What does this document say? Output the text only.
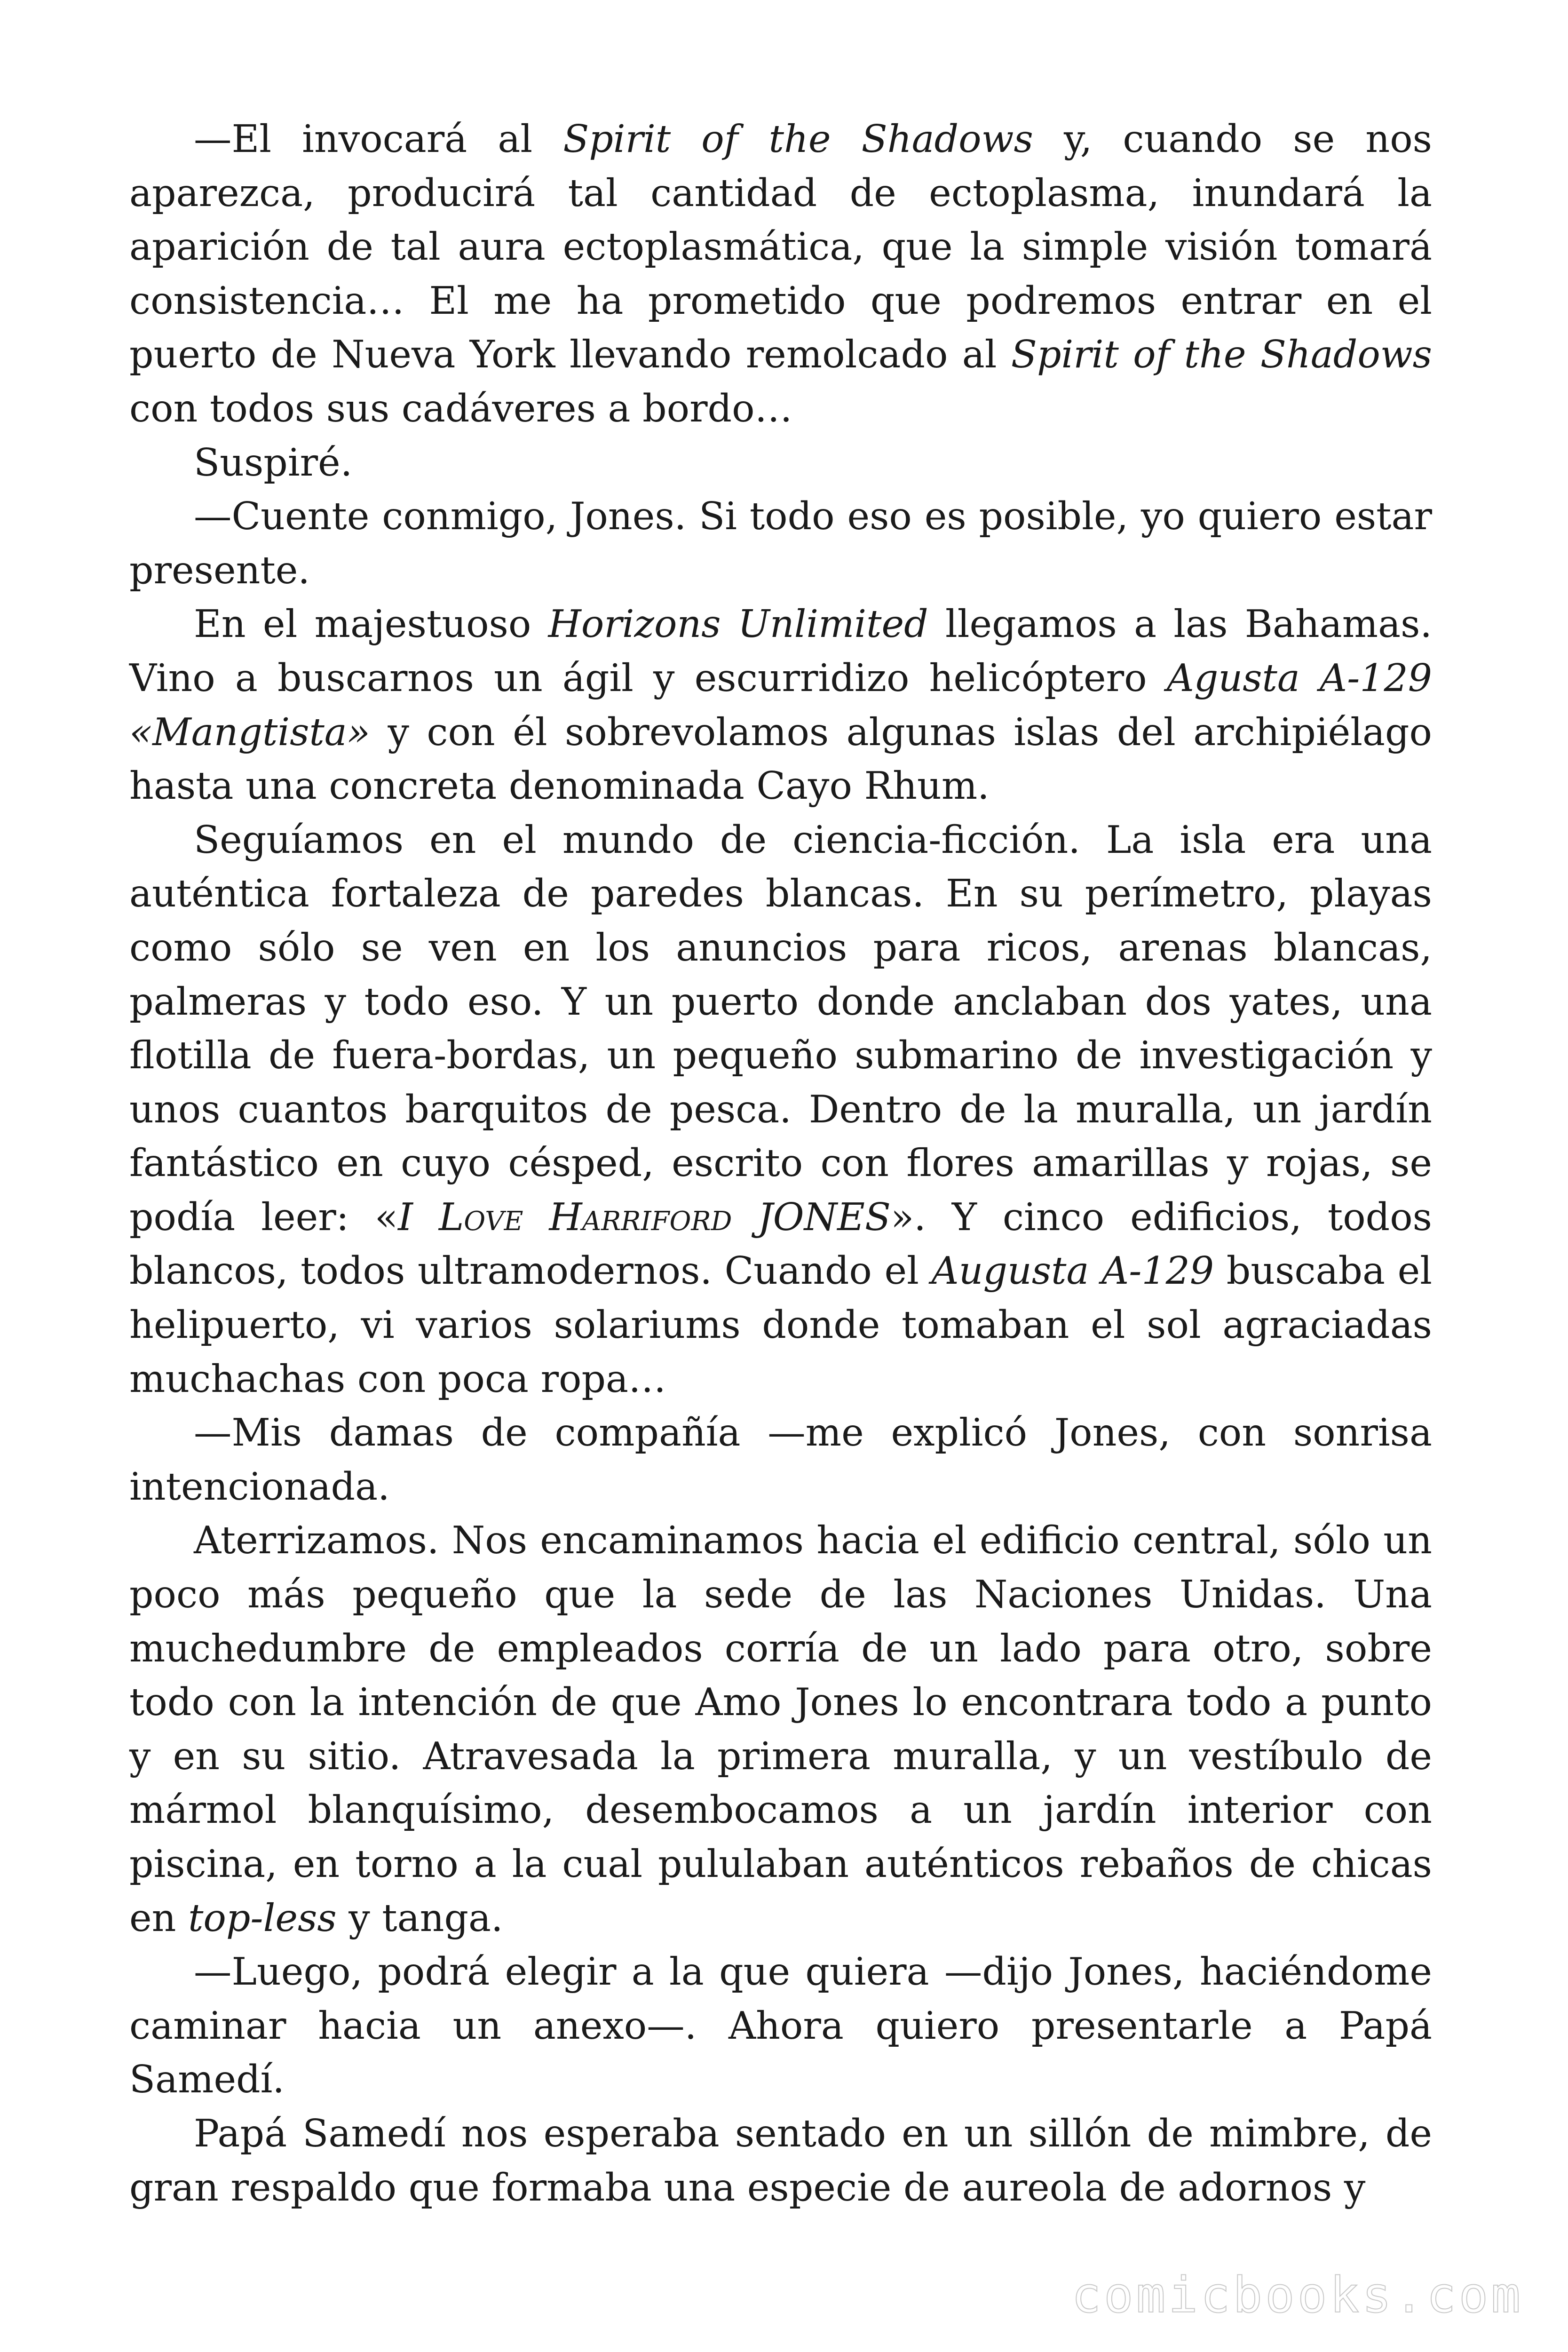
—El invocará al Spirit of the Shadows y, cuando se nos aparezca, producirá tal cantidad de ectoplasma, inundará la aparición de tal aura ectoplasmática, que la simple visión tomará consistencia… El me ha prometido que podremos entrar en el puerto de Nueva York llevando remolcado al Spirit of the Shadows con todos sus cadáveres a bordo…

Suspiré.

—Cuente conmigo, Jones. Si todo eso es posible, yo quiero estar presente.

En el majestuoso Horizons Unlimited llegamos a las Bahamas. Vino a buscarnos un ágil y escurridizo helicóptero Agusta A-129 «Mangtista» y con él sobrevolamos algunas islas del archipiélago hasta una concreta denominada Cayo Rhum.

Seguíamos en el mundo de ciencia-ficción. La isla era una auténtica fortaleza de paredes blancas. En su perímetro, playas como sólo se ven en los anuncios para ricos, arenas blancas, palmeras y todo eso. Y un puerto donde anclaban dos yates, una flotilla de fuera-bordas, un pequeño submarino de investigación y unos cuantos barquitos de pesca. Dentro de la muralla, un jardín fantástico en cuyo césped, escrito con flores amarillas y rojas, se podía leer: «I Love Harriford JONES». Y cinco edificios, todos blancos, todos ultramodernos. Cuando el Augusta A-129 buscaba el helipuerto, vi varios solariums donde tomaban el sol agraciadas muchachas con poca ropa…

—Mis damas de compañía —me explicó Jones, con sonrisa intencionada.

Aterrizamos. Nos encaminamos hacia el edificio central, sólo un poco más pequeño que la sede de las Naciones Unidas. Una muchedumbre de empleados corría de un lado para otro, sobre todo con la intención de que Amo Jones lo encontrara todo a punto y en su sitio. Atravesada la primera muralla, y un vestíbulo de mármol blanquísimo, desembocamos a un jardín interior con piscina, en torno a la cual pululaban auténticos rebaños de chicas en top-less y tanga.

—Luego, podrá elegir a la que quiera —dijo Jones, haciéndome caminar hacia un anexo—. Ahora quiero presentarle a Papá Samedí.

Papá Samedí nos esperaba sentado en un sillón de mimbre, de gran respaldo que formaba una especie de aureola de adornos y

comicbooks.com
